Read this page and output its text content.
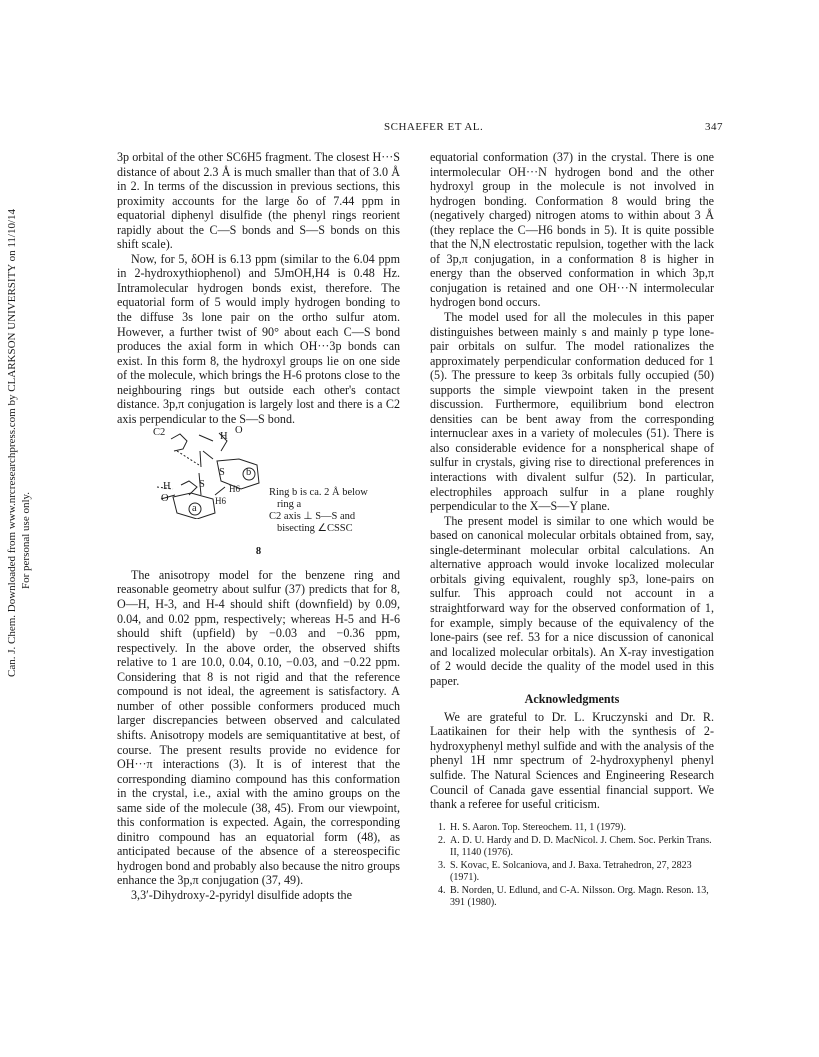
SCHAEFER ET AL.	347
Can. J. Chem. Downloaded from www.nrcresearchpress.com by CLARKSON UNIVERSITY on 11/10/14 For personal use only.

3p orbital of the other SC6H5 fragment. The closest H···S distance of about 2.3 Å is much smaller than that of 3.0 Å in 2. In terms of the discussion in previous sections, this proximity accounts for the large δo of 7.44 ppm in equatorial diphenyl disulfide (the phenyl rings reorient rapidly about the C—S bonds and S—S bonds on this shift scale).

Now, for 5, δOH is 6.13 ppm (similar to the 6.04 ppm in 2-hydroxythiophenol) and 5JmOH,H4 is 0.48 Hz. Intramolecular hydrogen bonds exist, therefore. The equatorial form of 5 would imply hydrogen bonding to the diffuse 3s lone pair on the ortho sulfur atom. However, a further twist of 90° about each C—S bond produces the axial form in which OH···3p bonds can exist. In this form 8, the hydroxyl groups lie on one side of the molecule, which brings the H-6 protons close to the neighbouring rings but outside each other's contact distance. 3p,π conjugation is largely lost and there is a C2 axis perpendicular to the S—S bond.

C2	H
O
S
S
b
a
H
O
H6
H6
Ring b is ca. 2 Å below
ring a
C2 axis ⊥ S—S and
bisecting ∠CSSC
8

The anisotropy model for the benzene ring and reasonable geometry about sulfur (37) predicts that for 8, O—H, H-3, and H-4 should shift (downfield) by 0.09, 0.04, and 0.02 ppm, respectively; whereas H-5 and H-6 should shift (upfield) by −0.03 and −0.36 ppm, respectively. In the above order, the observed shifts relative to 1 are 10.0, 0.04, 0.10, −0.03, and −0.22 ppm. Considering that 8 is not rigid and that the reference compound is not ideal, the agreement is satisfactory. A number of other possible conformers produced much larger discrepancies between observed and calculated shifts. Anisotropy models are semiquantitative at best, of course. The present results provide no evidence for OH···π interactions (3). It is of interest that the corresponding diamino compound has this conformation in the crystal, i.e., axial with the amino groups on the same side of the molecule (38, 45). From our viewpoint, this conformation is expected. Again, the corresponding dinitro compound has an equatorial form (48), as anticipated because of the absence of a stereospecific hydrogen bond and probably also because the nitro groups enhance the 3p,π conjugation (37, 49).

3,3′-Dihydroxy-2-pyridyl disulfide adopts the

equatorial conformation (37) in the crystal. There is one intermolecular OH···N hydrogen bond and the other hydroxyl group in the molecule is not involved in hydrogen bonding. Conformation 8 would bring the (negatively charged) nitrogen atoms to within about 3 Å (they replace the C—H6 bonds in 5). It is quite possible that the N,N electrostatic repulsion, together with the lack of 3p,π conjugation, in a conformation 8 is higher in energy than the observed conformation in which 3p,π conjugation is retained and one OH···N intermolecular hydrogen bond occurs.

The model used for all the molecules in this paper distinguishes between mainly s and mainly p type lone-pair orbitals on sulfur. The model rationalizes the approximately perpendicular conformation deduced for 1 (5). The pressure to keep 3s orbitals fully occupied (50) supports the simple viewpoint taken in the present discussion. Furthermore, equilibrium bond electron densities can be bent away from the corresponding internuclear axes in a variety of molecules (51). There is also considerable evidence for a nonspherical shape of sulfur in crystals, giving rise to directional preferences in interactions with divalent sulfur (52). In particular, electrophiles approach sulfur in a plane roughly perpendicular to the X—S—Y plane.

The present model is similar to one which would be based on canonical molecular orbitals obtained from, say, single-determinant molecular orbital calculations. An alternative approach would invoke localized molecular orbitals giving equivalent, roughly sp3, lone-pairs on sulfur. This approach could not account in a straightforward way for the observed conformation of 1, for example, simply because of the equivalency of the lone-pairs (see ref. 53 for a nice discussion of canonical and localized molecular orbitals). An X-ray investigation of 2 would decide the quality of the model used in this paper.

Acknowledgments

We are grateful to Dr. L. Kruczynski and Dr. R. Laatikainen for their help with the synthesis of 2-hydroxyphenyl methyl sulfide and with the analysis of the phenyl 1H nmr spectrum of 2-hydroxyphenyl phenyl sulfide. The Natural Sciences and Engineering Research Council of Canada gave essential financial support. We thank a referee for useful criticism.

1. H. S. Aaron. Top. Stereochem. 11, 1 (1979).
2. A. D. U. Hardy and D. D. MacNicol. J. Chem. Soc. Perkin Trans. II, 1140 (1976).
3. S. Kovac, E. Solcaniova, and J. Baxa. Tetrahedron, 27, 2823 (1971).
4. B. Norden, U. Edlund, and C-A. Nilsson. Org. Magn. Reson. 13, 391 (1980).
